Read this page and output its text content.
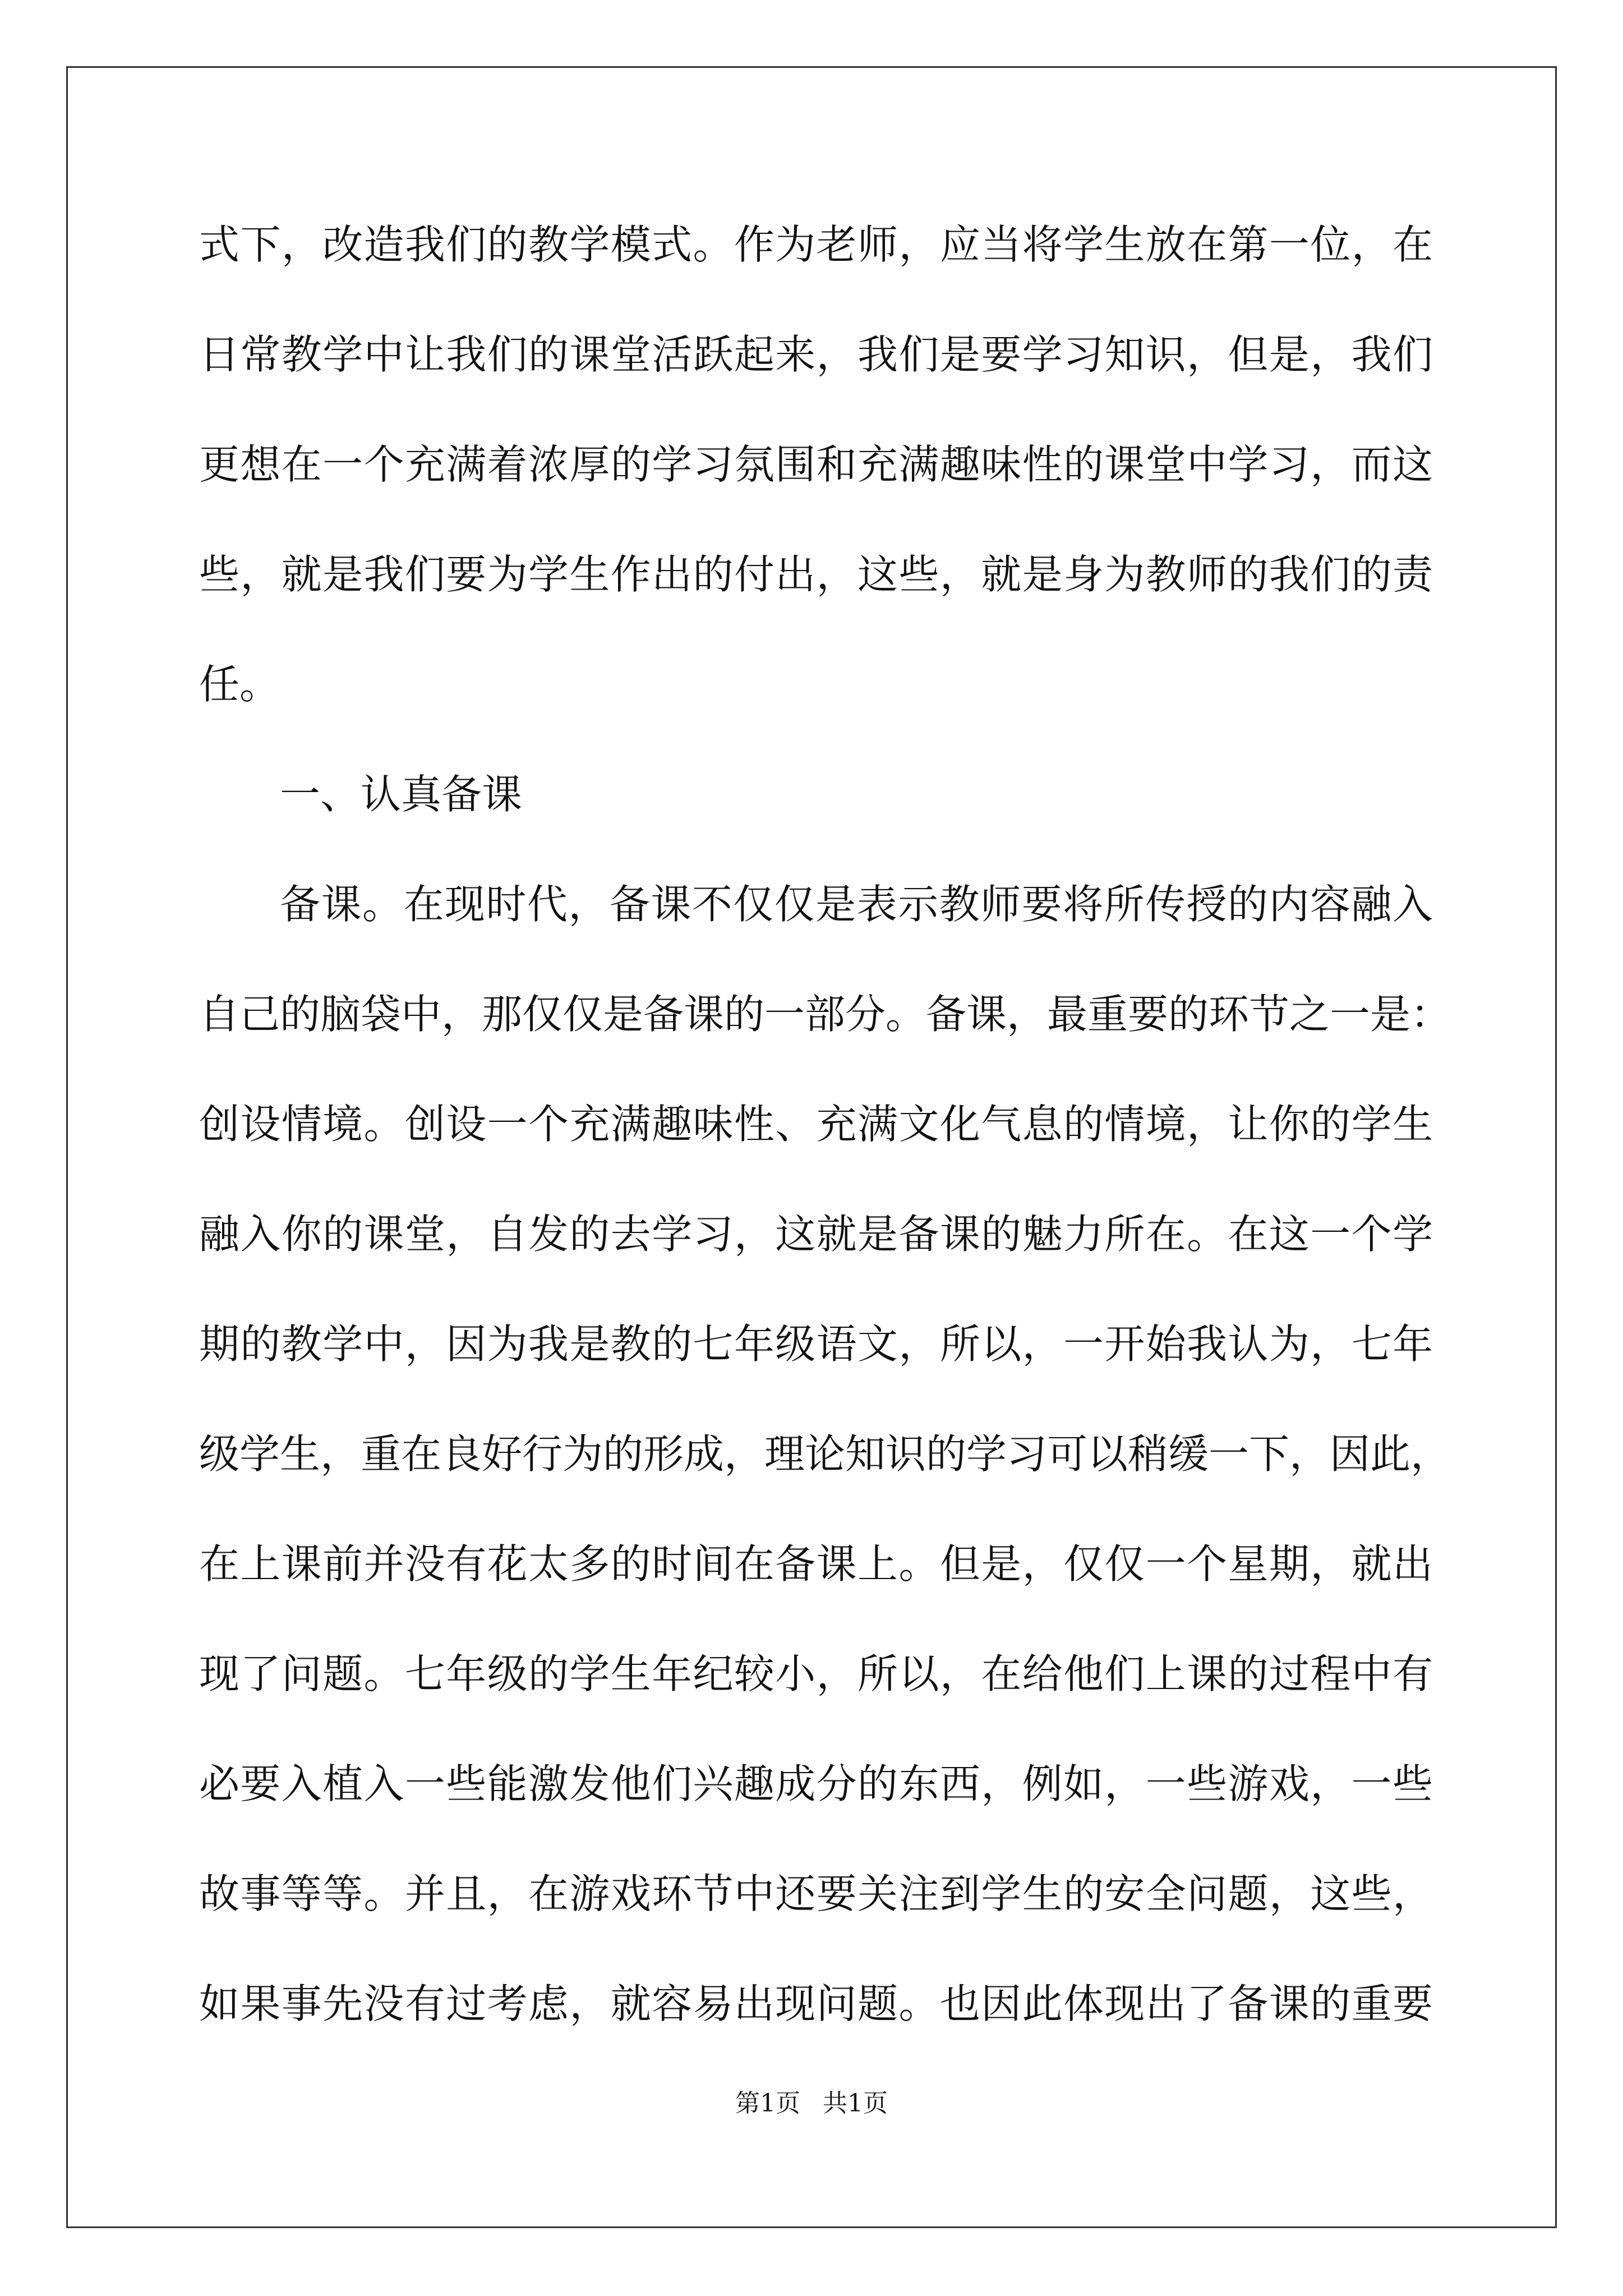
式下，改造我们的教学模式。作为老师，应当将学生放在第一位，在
日常教学中让我们的课堂活跃起来，我们是要学习知识，但是，我们
更想在一个充满着浓厚的学习氛围和充满趣味性的课堂中学习，而这
些，就是我们要为学生作出的付出，这些，就是身为教师的我们的责
任。
一、认真备课
备课。在现时代，备课不仅仅是表示教师要将所传授的内容融入
自己的脑袋中，那仅仅是备课的一部分。备课，最重要的环节之一是：
创设情境。创设一个充满趣味性、充满文化气息的情境，让你的学生
融入你的课堂，自发的去学习，这就是备课的魅力所在。在这一个学
期的教学中，因为我是教的七年级语文，所以，一开始我认为，七年
级学生，重在良好行为的形成，理论知识的学习可以稍缓一下，因此，
在上课前并没有花太多的时间在备课上。但是，仅仅一个星期，就出
现了问题。七年级的学生年纪较小，所以，在给他们上课的过程中有
必要入植入一些能激发他们兴趣成分的东西，例如，一些游戏，一些
故事等等。并且，在游戏环节中还要关注到学生的安全问题，这些，
如果事先没有过考虑，就容易出现问题。也因此体现出了备课的重要
第1页 共1页
